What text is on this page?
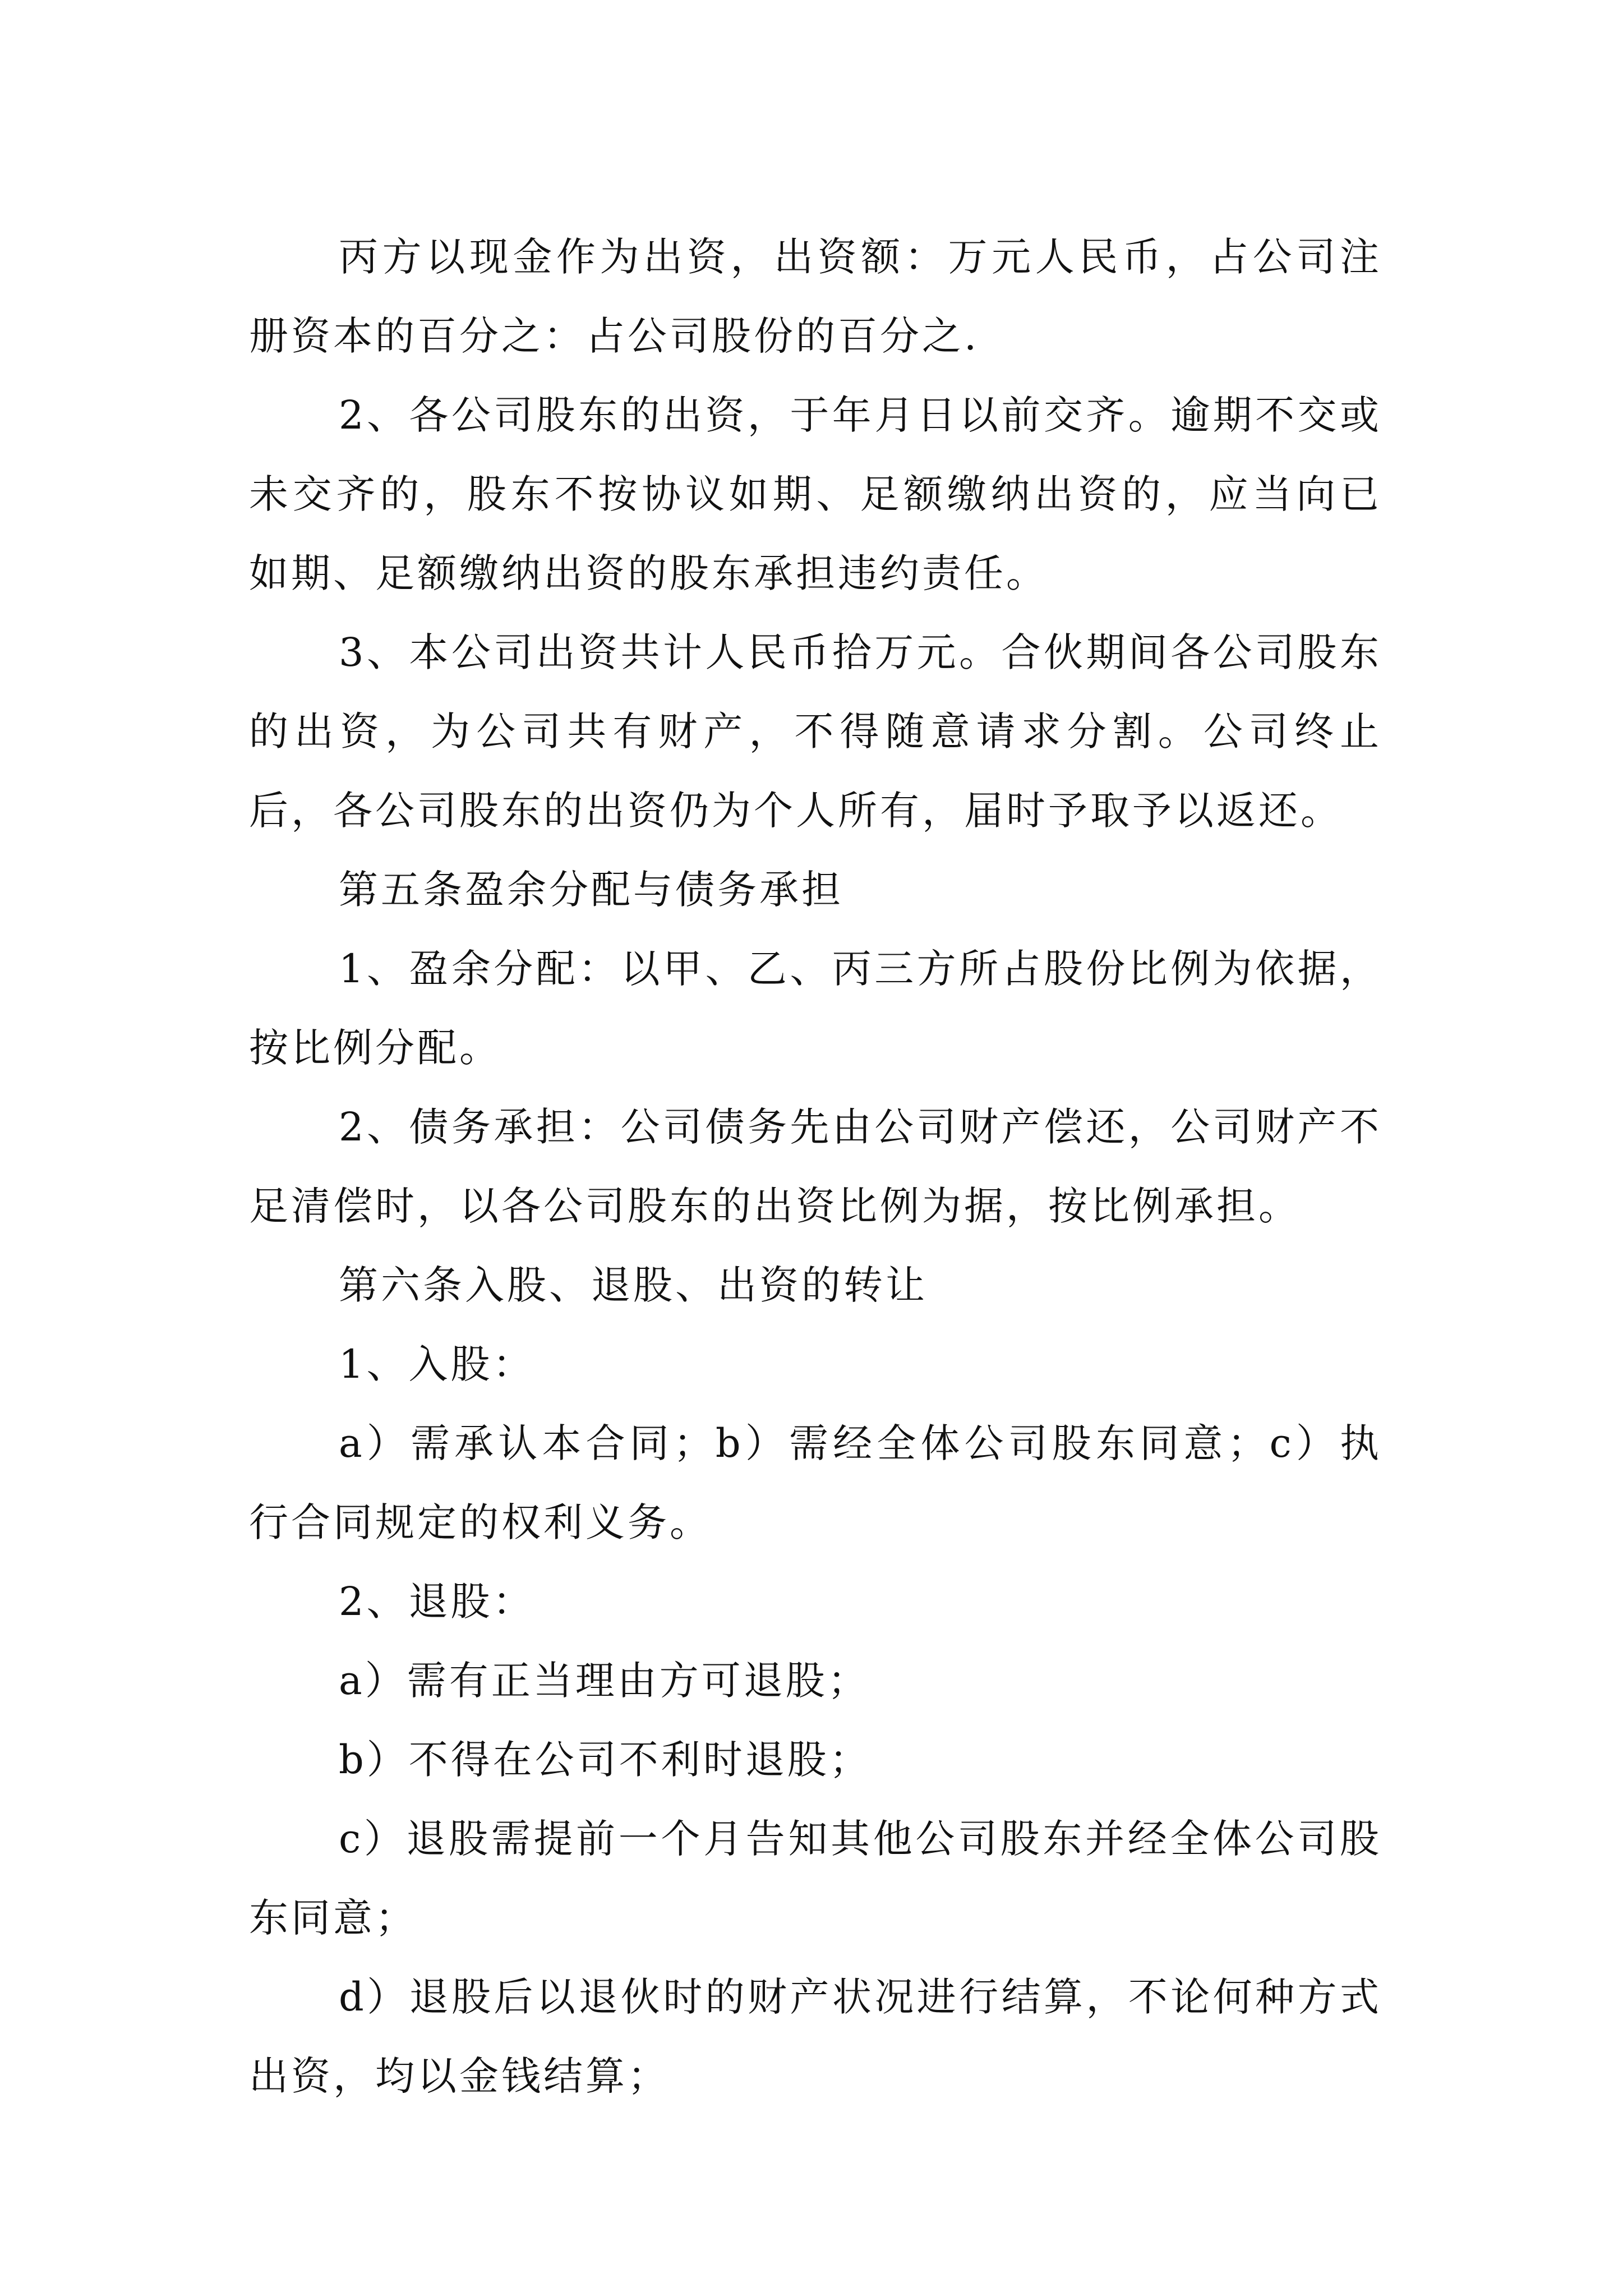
丙方以现金作为出资，出资额：万元人民币，占公司注册资本的百分之：占公司股份的百分之.

2、各公司股东的出资，于年月日以前交齐。逾期不交或未交齐的，股东不按协议如期、足额缴纳出资的，应当向已如期、足额缴纳出资的股东承担违约责任。

3、本公司出资共计人民币拾万元。合伙期间各公司股东的出资，为公司共有财产，不得随意请求分割。公司终止后，各公司股东的出资仍为个人所有，届时予取予以返还。

第五条盈余分配与债务承担

1、盈余分配：以甲、乙、丙三方所占股份比例为依据，按比例分配。

2、债务承担：公司债务先由公司财产偿还，公司财产不足清偿时，以各公司股东的出资比例为据，按比例承担。

第六条入股、退股、出资的转让

1、入股：

a）需承认本合同；b）需经全体公司股东同意；c）执行合同规定的权利义务。

2、退股：

a）需有正当理由方可退股；

b）不得在公司不利时退股；

c）退股需提前一个月告知其他公司股东并经全体公司股东同意；

d）退股后以退伙时的财产状况进行结算，不论何种方式出资，均以金钱结算；
